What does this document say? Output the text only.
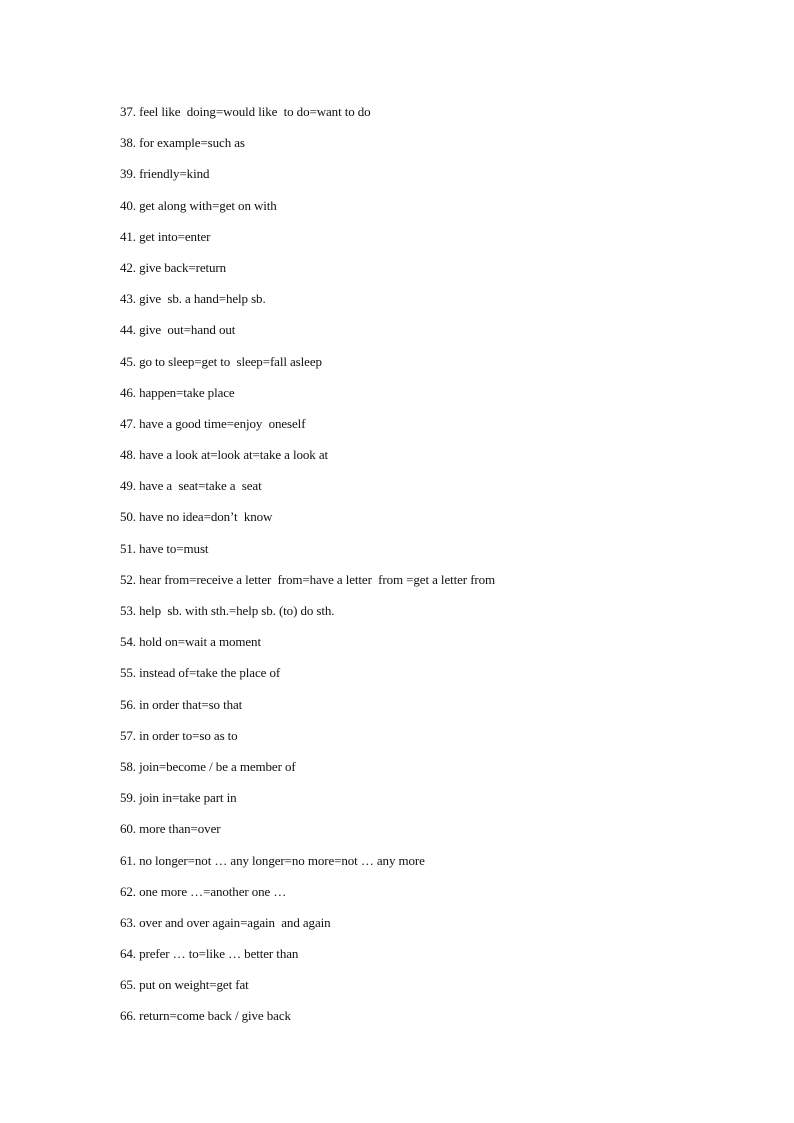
37. feel like  doing=would like  to do=want to do
38. for example=such as
39. friendly=kind
40. get along with=get on with
41. get into=enter
42. give back=return
43. give  sb. a hand=help sb.
44. give  out=hand out
45. go to sleep=get to  sleep=fall asleep
46. happen=take place
47. have a good time=enjoy  oneself
48. have a look at=look at=take a look at
49. have a  seat=take a  seat
50. have no idea=don’t  know
51. have to=must
52. hear from=receive a letter  from=have a letter  from =get a letter from
53. help  sb. with sth.=help sb. (to) do sth.
54. hold on=wait a moment
55. instead of=take the place of
56. in order that=so that
57. in order to=so as to
58. join=become / be a member of
59. join in=take part in
60. more than=over
61. no longer=not … any longer=no more=not … any more
62. one more …=another one …
63. over and over again=again  and again
64. prefer … to=like … better than
65. put on weight=get fat
66. return=come back / give back
